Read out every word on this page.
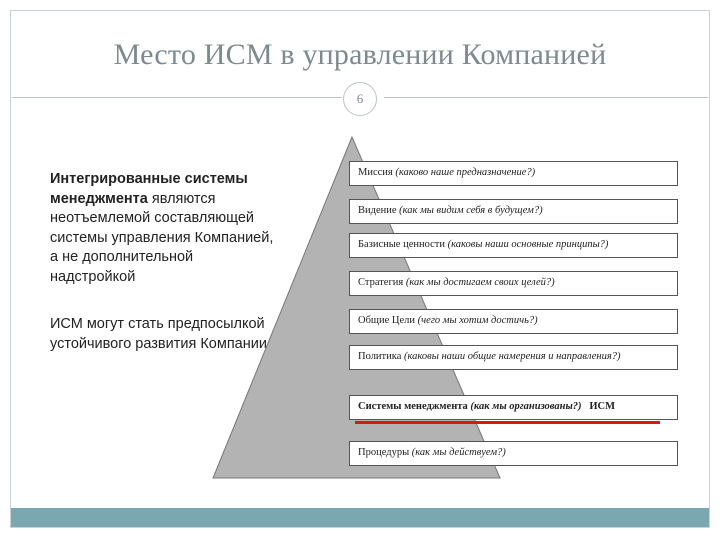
Место ИСМ в управлении Компанией
6

Интегрированные системы менеджмента являются неотъемлемой составляющей системы управления Компанией, а не дополнительной надстройкой

ИСМ могут стать предпосылкой устойчивого развития Компании

Миссия (каково наше предназначение?)
Видение (как мы видим себя в будущем?)
Базисные ценности (каковы наши основные принципы?)
Стратегия (как мы достигаем своих целей?)
Общие Цели (чего мы хотим достичь?)
Политика (каковы наши общие намерения и направления?)
Системы менеджмента (как мы организованы?) ИСМ
Процедуры (как мы действуем?)
